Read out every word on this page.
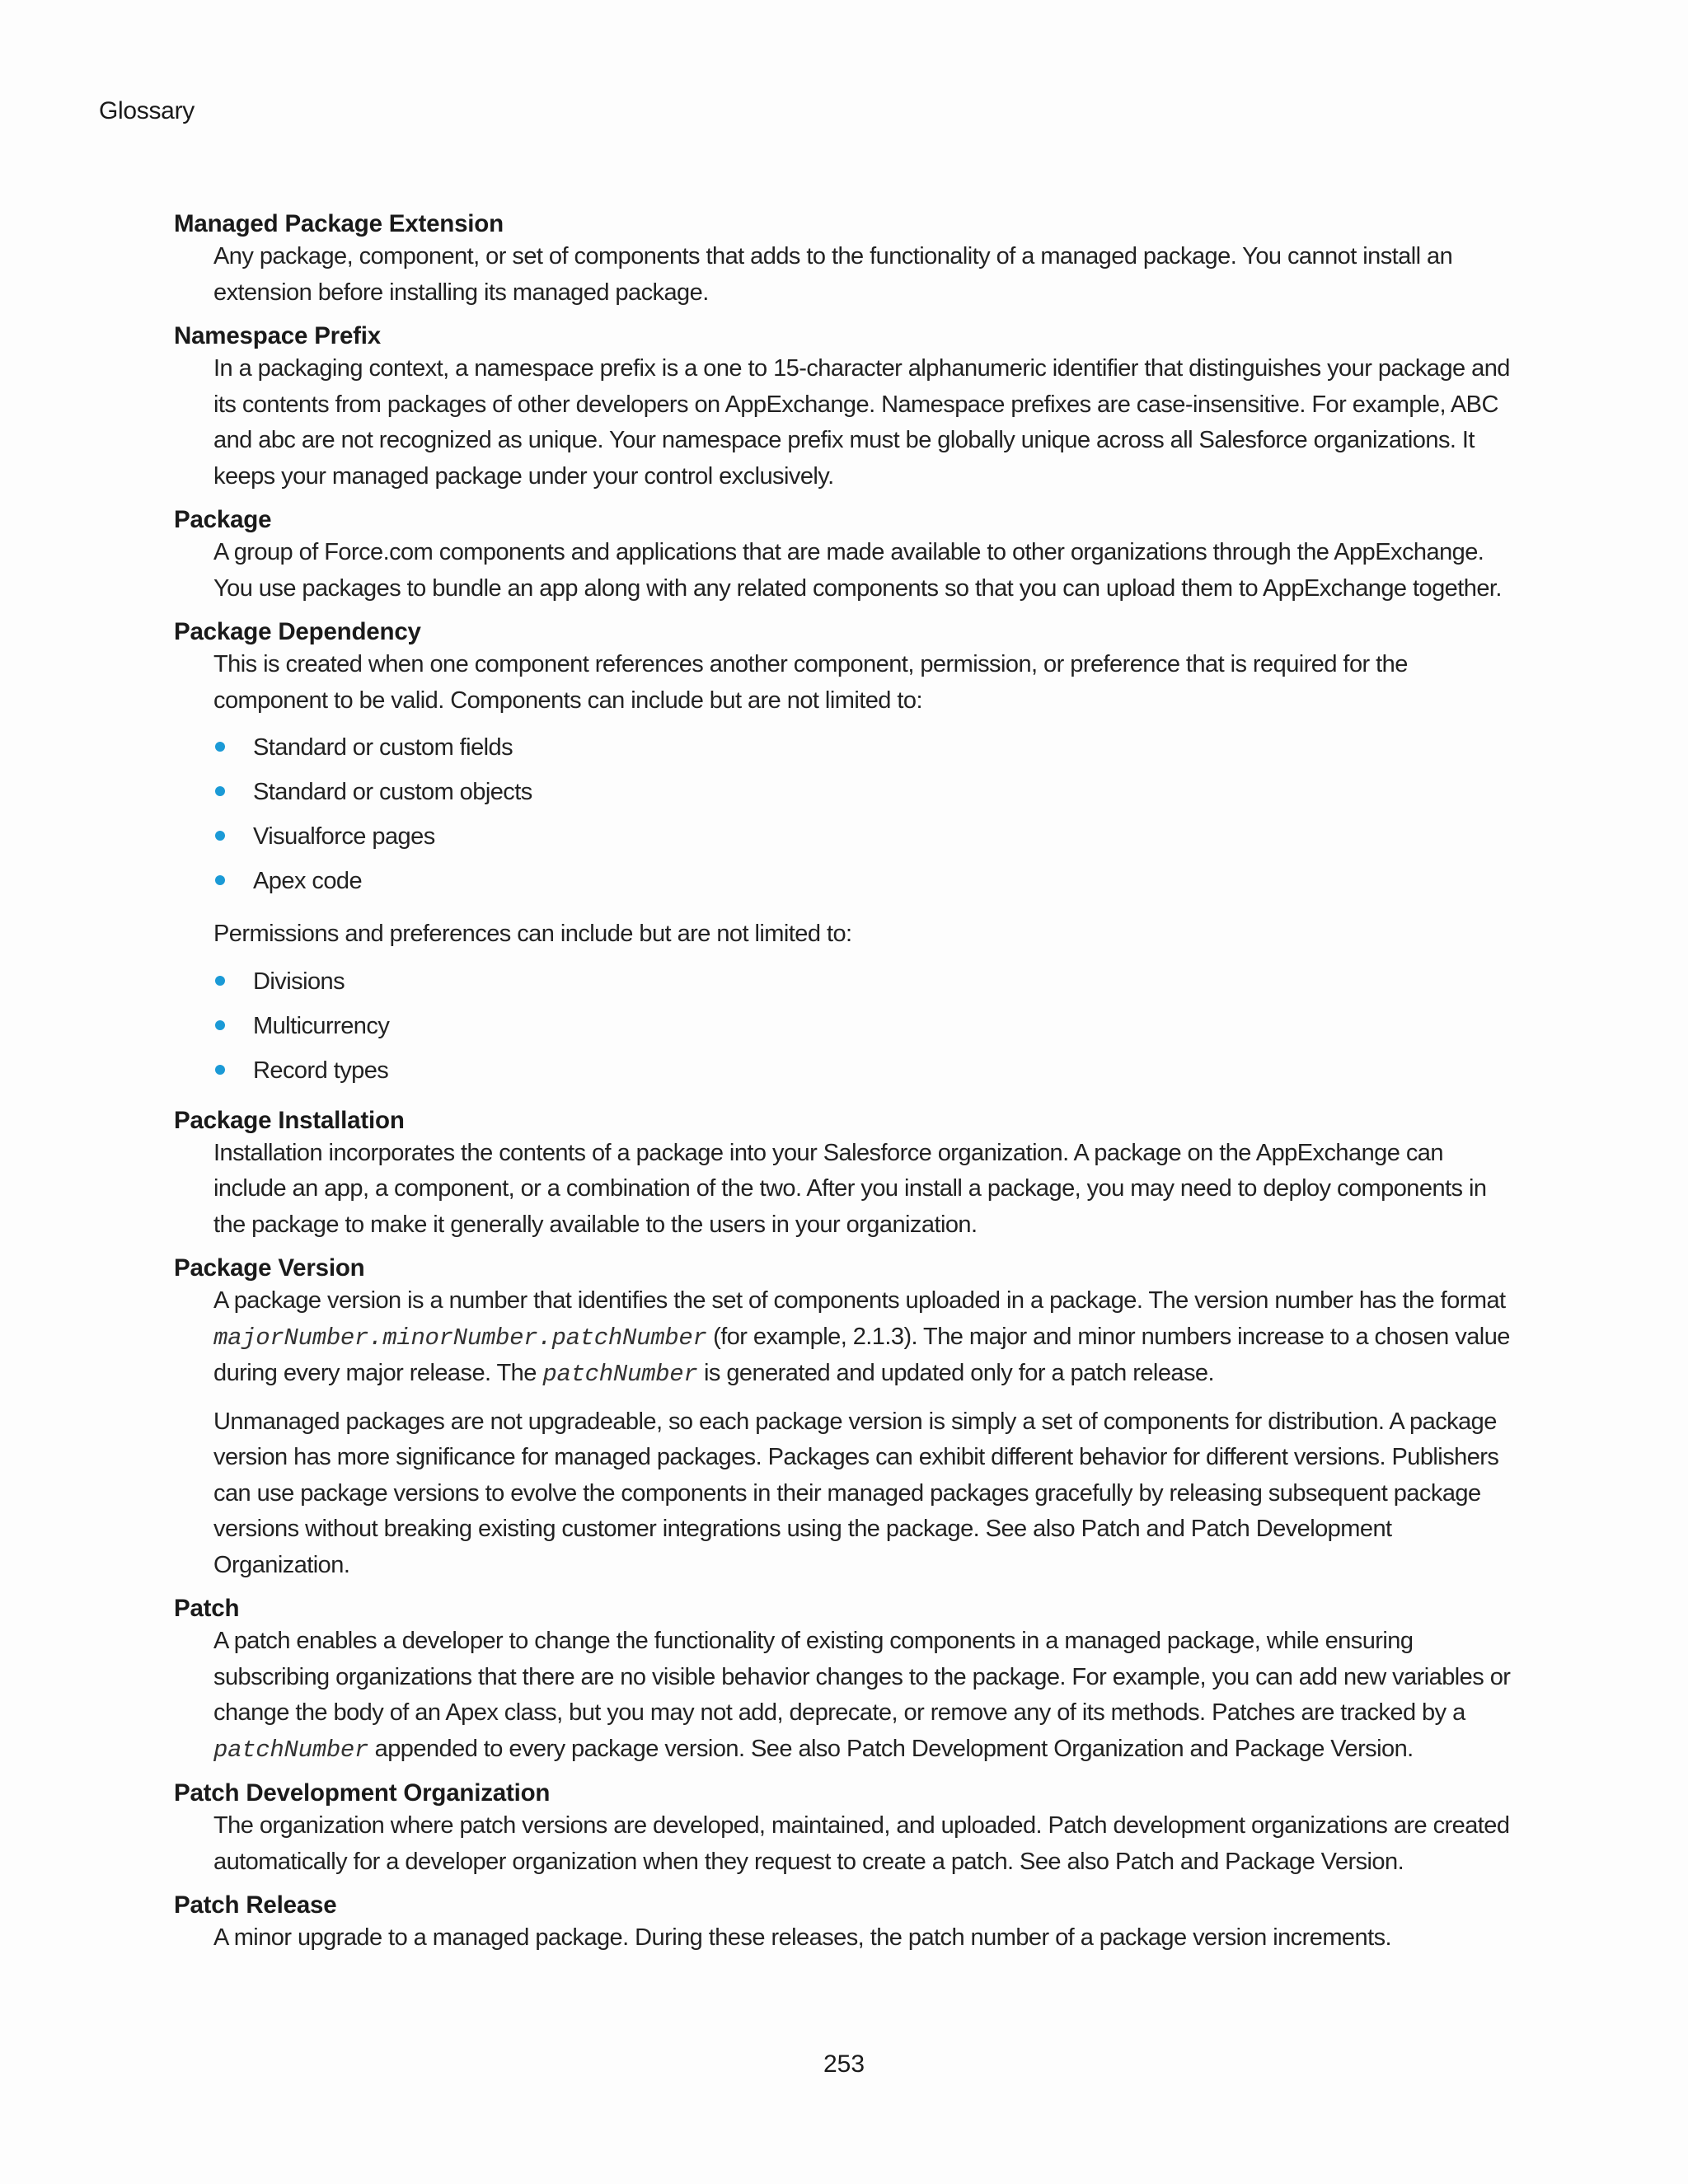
Glossary
Managed Package Extension

Any package, component, or set of components that adds to the functionality of a managed package. You cannot install an extension before installing its managed package.

Namespace Prefix

In a packaging context, a namespace prefix is a one to 15-character alphanumeric identifier that distinguishes your package and its contents from packages of other developers on AppExchange. Namespace prefixes are case-insensitive. For example, ABC and abc are not recognized as unique. Your namespace prefix must be globally unique across all Salesforce organizations. It keeps your managed package under your control exclusively.

Package

A group of Force.com components and applications that are made available to other organizations through the AppExchange. You use packages to bundle an app along with any related components so that you can upload them to AppExchange together.

Package Dependency

This is created when one component references another component, permission, or preference that is required for the component to be valid. Components can include but are not limited to:

Standard or custom fields
Standard or custom objects
Visualforce pages
Apex code

Permissions and preferences can include but are not limited to:

Divisions
Multicurrency
Record types
Package Installation

Installation incorporates the contents of a package into your Salesforce organization. A package on the AppExchange can include an app, a component, or a combination of the two. After you install a package, you may need to deploy components in the package to make it generally available to the users in your organization.

Package Version

A package version is a number that identifies the set of components uploaded in a package. The version number has the format majorNumber.minorNumber.patchNumber (for example, 2.1.3). The major and minor numbers increase to a chosen value during every major release. The patchNumber is generated and updated only for a patch release.

Unmanaged packages are not upgradeable, so each package version is simply a set of components for distribution. A package version has more significance for managed packages. Packages can exhibit different behavior for different versions. Publishers can use package versions to evolve the components in their managed packages gracefully by releasing subsequent package versions without breaking existing customer integrations using the package. See also Patch and Patch Development Organization.

Patch

A patch enables a developer to change the functionality of existing components in a managed package, while ensuring subscribing organizations that there are no visible behavior changes to the package. For example, you can add new variables or change the body of an Apex class, but you may not add, deprecate, or remove any of its methods. Patches are tracked by a patchNumber appended to every package version. See also Patch Development Organization and Package Version.

Patch Development Organization

The organization where patch versions are developed, maintained, and uploaded. Patch development organizations are created automatically for a developer organization when they request to create a patch. See also Patch and Package Version.

Patch Release

A minor upgrade to a managed package. During these releases, the patch number of a package version increments.

253
